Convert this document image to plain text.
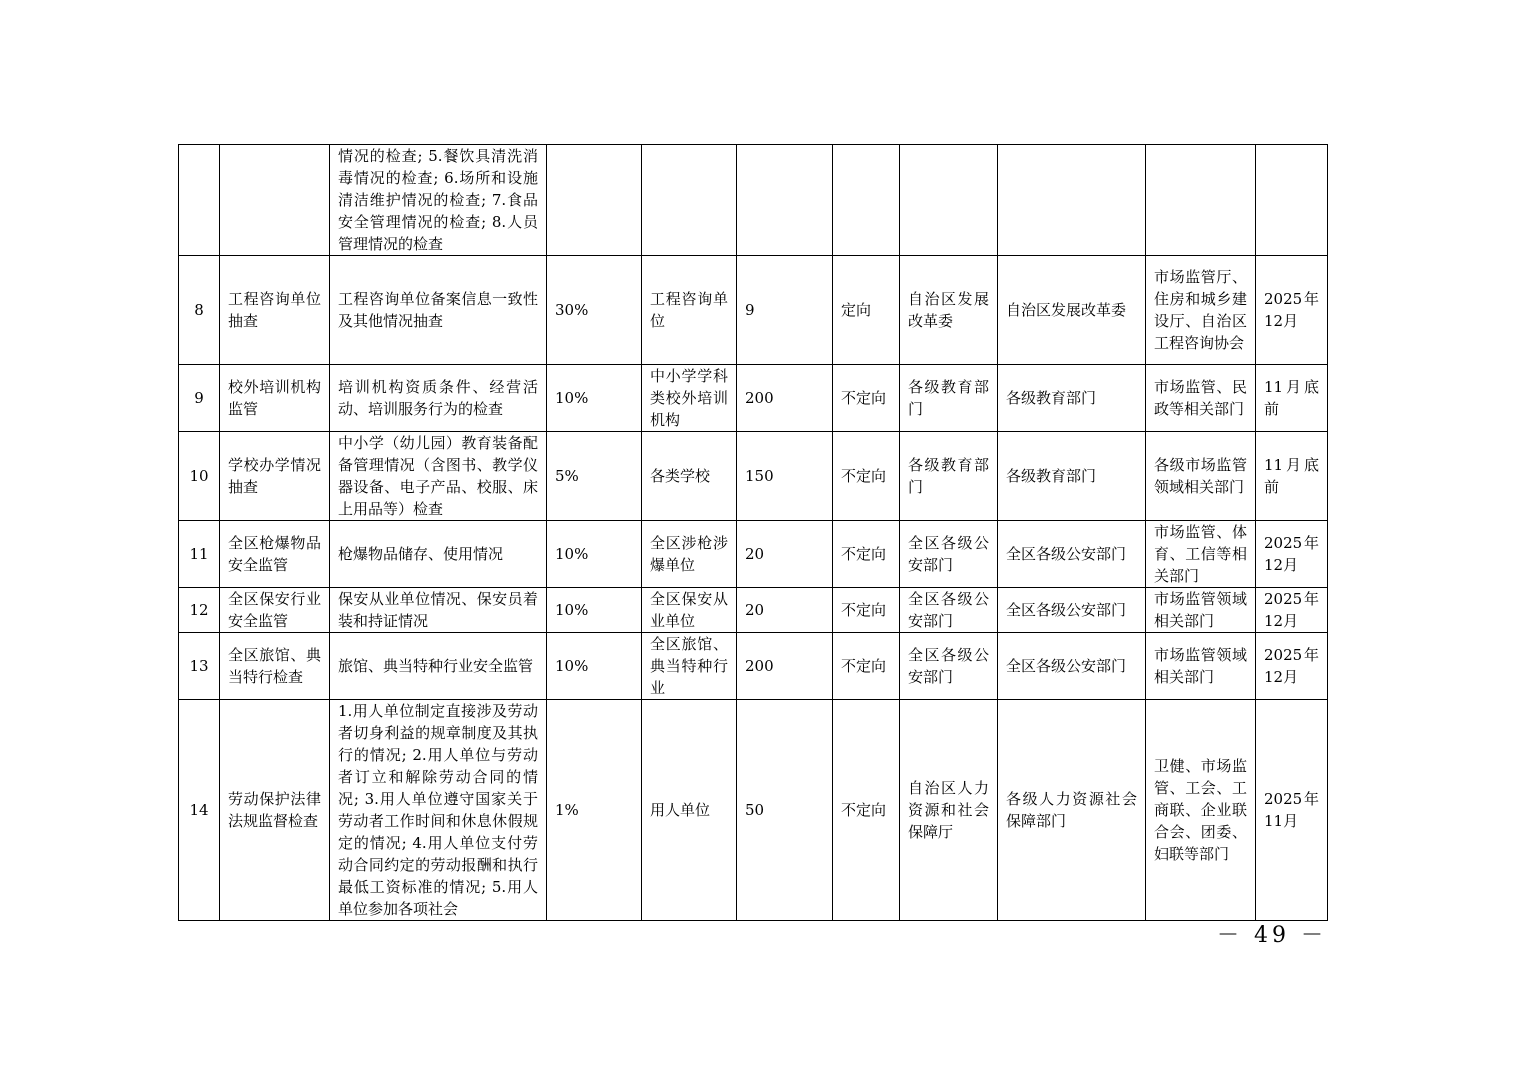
		情况的检查; 5.餐饮具清洗消毒情况的检查; 6.场所和设施清洁维护情况的检查; 7.食品安全管理情况的检查; 8.人员管理情况的检查								
8	工程咨询单位抽查	工程咨询单位备案信息一致性及其他情况抽查	30%	工程咨询单位	9	定向	自治区发展改革委	自治区发展改革委	市场监管厅、住房和城乡建设厅、自治区工程咨询协会	2025年12月
9	校外培训机构监管	培训机构资质条件、经营活动、培训服务行为的检查	10%	中小学学科类校外培训机构	200	不定向	各级教育部门	各级教育部门	市场监管、民政等相关部门	11月底前
10	学校办学情况抽查	中小学（幼儿园）教育装备配备管理情况（含图书、教学仪器设备、电子产品、校服、床上用品等）检查	5%	各类学校	150	不定向	各级教育部门	各级教育部门	各级市场监管领域相关部门	11月底前
11	全区枪爆物品安全监管	枪爆物品储存、使用情况	10%	全区涉枪涉爆单位	20	不定向	全区各级公安部门	全区各级公安部门	市场监管、体育、工信等相关部门	2025年12月
12	全区保安行业安全监管	保安从业单位情况、保安员着装和持证情况	10%	全区保安从业单位	20	不定向	全区各级公安部门	全区各级公安部门	市场监管领域相关部门	2025年12月
13	全区旅馆、典当特行检查	旅馆、典当特种行业安全监管	10%	全区旅馆、典当特种行业	200	不定向	全区各级公安部门	全区各级公安部门	市场监管领域相关部门	2025年12月
14	劳动保护法律法规监督检查	1.用人单位制定直接涉及劳动者切身利益的规章制度及其执行的情况; 2.用人单位与劳动者订立和解除劳动合同的情况; 3.用人单位遵守国家关于劳动者工作时间和休息休假规定的情况; 4.用人单位支付劳动合同约定的劳动报酬和执行最低工资标准的情况; 5.用人单位参加各项社会	1%	用人单位	50	不定向	自治区人力资源和社会保障厅	各级人力资源社会保障部门	卫健、市场监管、工会、工商联、企业联合会、团委、妇联等部门	2025年11月
－ 49 －
